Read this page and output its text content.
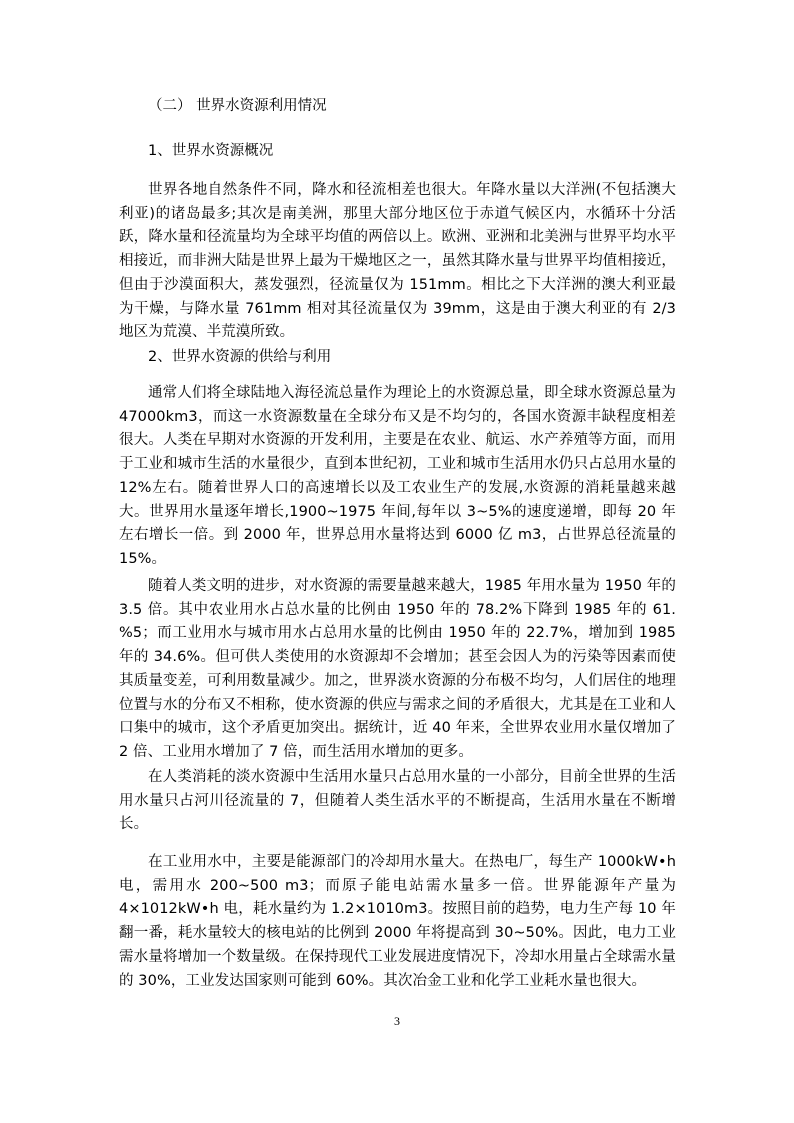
（二） 世界水资源利用情况
1、世界水资源概况

世界各地自然条件不同，降水和径流相差也很大。年降水量以大洋洲(不包括澳大利亚)的诸岛最多;其次是南美洲，那里大部分地区位于赤道气候区内，水循环十分活跃，降水量和径流量均为全球平均值的两倍以上。欧洲、亚洲和北美洲与世界平均水平相接近，而非洲大陆是世界上最为干燥地区之一，虽然其降水量与世界平均值相接近，但由于沙漠面积大，蒸发强烈，径流量仅为 151mm。相比之下大洋洲的澳大利亚最为干燥，与降水量 761mm 相对其径流量仅为 39mm，这是由于澳大利亚的有 2/3 地区为荒漠、半荒漠所致。

2、世界水资源的供给与利用

通常人们将全球陆地入海径流总量作为理论上的水资源总量，即全球水资源总量为 47000km3，而这一水资源数量在全球分布又是不均匀的，各国水资源丰缺程度相差很大。人类在早期对水资源的开发利用，主要是在农业、航运、水产养殖等方面，而用于工业和城市生活的水量很少，直到本世纪初，工业和城市生活用水仍只占总用水量的 12%左右。随着世界人口的高速增长以及工农业生产的发展,水资源的消耗量越来越大。世界用水量逐年增长,1900~1975 年间,每年以 3~5%的速度递增，即每 20 年左右增长一倍。到 2000 年，世界总用水量将达到 6000 亿 m3，占世界总径流量的 15%。

随着人类文明的进步，对水资源的需要量越来越大，1985 年用水量为 1950 年的 3.5 倍。其中农业用水占总水量的比例由 1950 年的 78.2%下降到 1985 年的 61. %5；而工业用水与城市用水占总用水量的比例由 1950 年的 22.7%，增加到 1985 年的 34.6%。但可供人类使用的水资源却不会增加；甚至会因人为的污染等因素而使其质量变差，可利用数量减少。加之，世界淡水资源的分布极不均匀，人们居住的地理位置与水的分布又不相称，使水资源的供应与需求之间的矛盾很大，尤其是在工业和人口集中的城市，这个矛盾更加突出。据统计，近 40 年来，全世界农业用水量仅增加了 2 倍、工业用水增加了 7 倍，而生活用水增加的更多。

在人类消耗的淡水资源中生活用水量只占总用水量的一小部分，目前全世界的生活用水量只占河川径流量的 7，但随着人类生活水平的不断提高，生活用水量在不断增长。

在工业用水中，主要是能源部门的冷却用水量大。在热电厂，每生产 1000kW•h 电，需用水 200~500 m3；而原子能电站需水量多一倍。世界能源年产量为 4×1012kW•h 电，耗水量约为 1.2×1010m3。按照目前的趋势，电力生产每 10 年翻一番，耗水量较大的核电站的比例到 2000 年将提高到 30~50%。因此，电力工业需水量将增加一个数量级。在保持现代工业发展进度情况下，冷却水用量占全球需水量的 30%，工业发达国家则可能到 60%。其次冶金工业和化学工业耗水量也很大。

3
